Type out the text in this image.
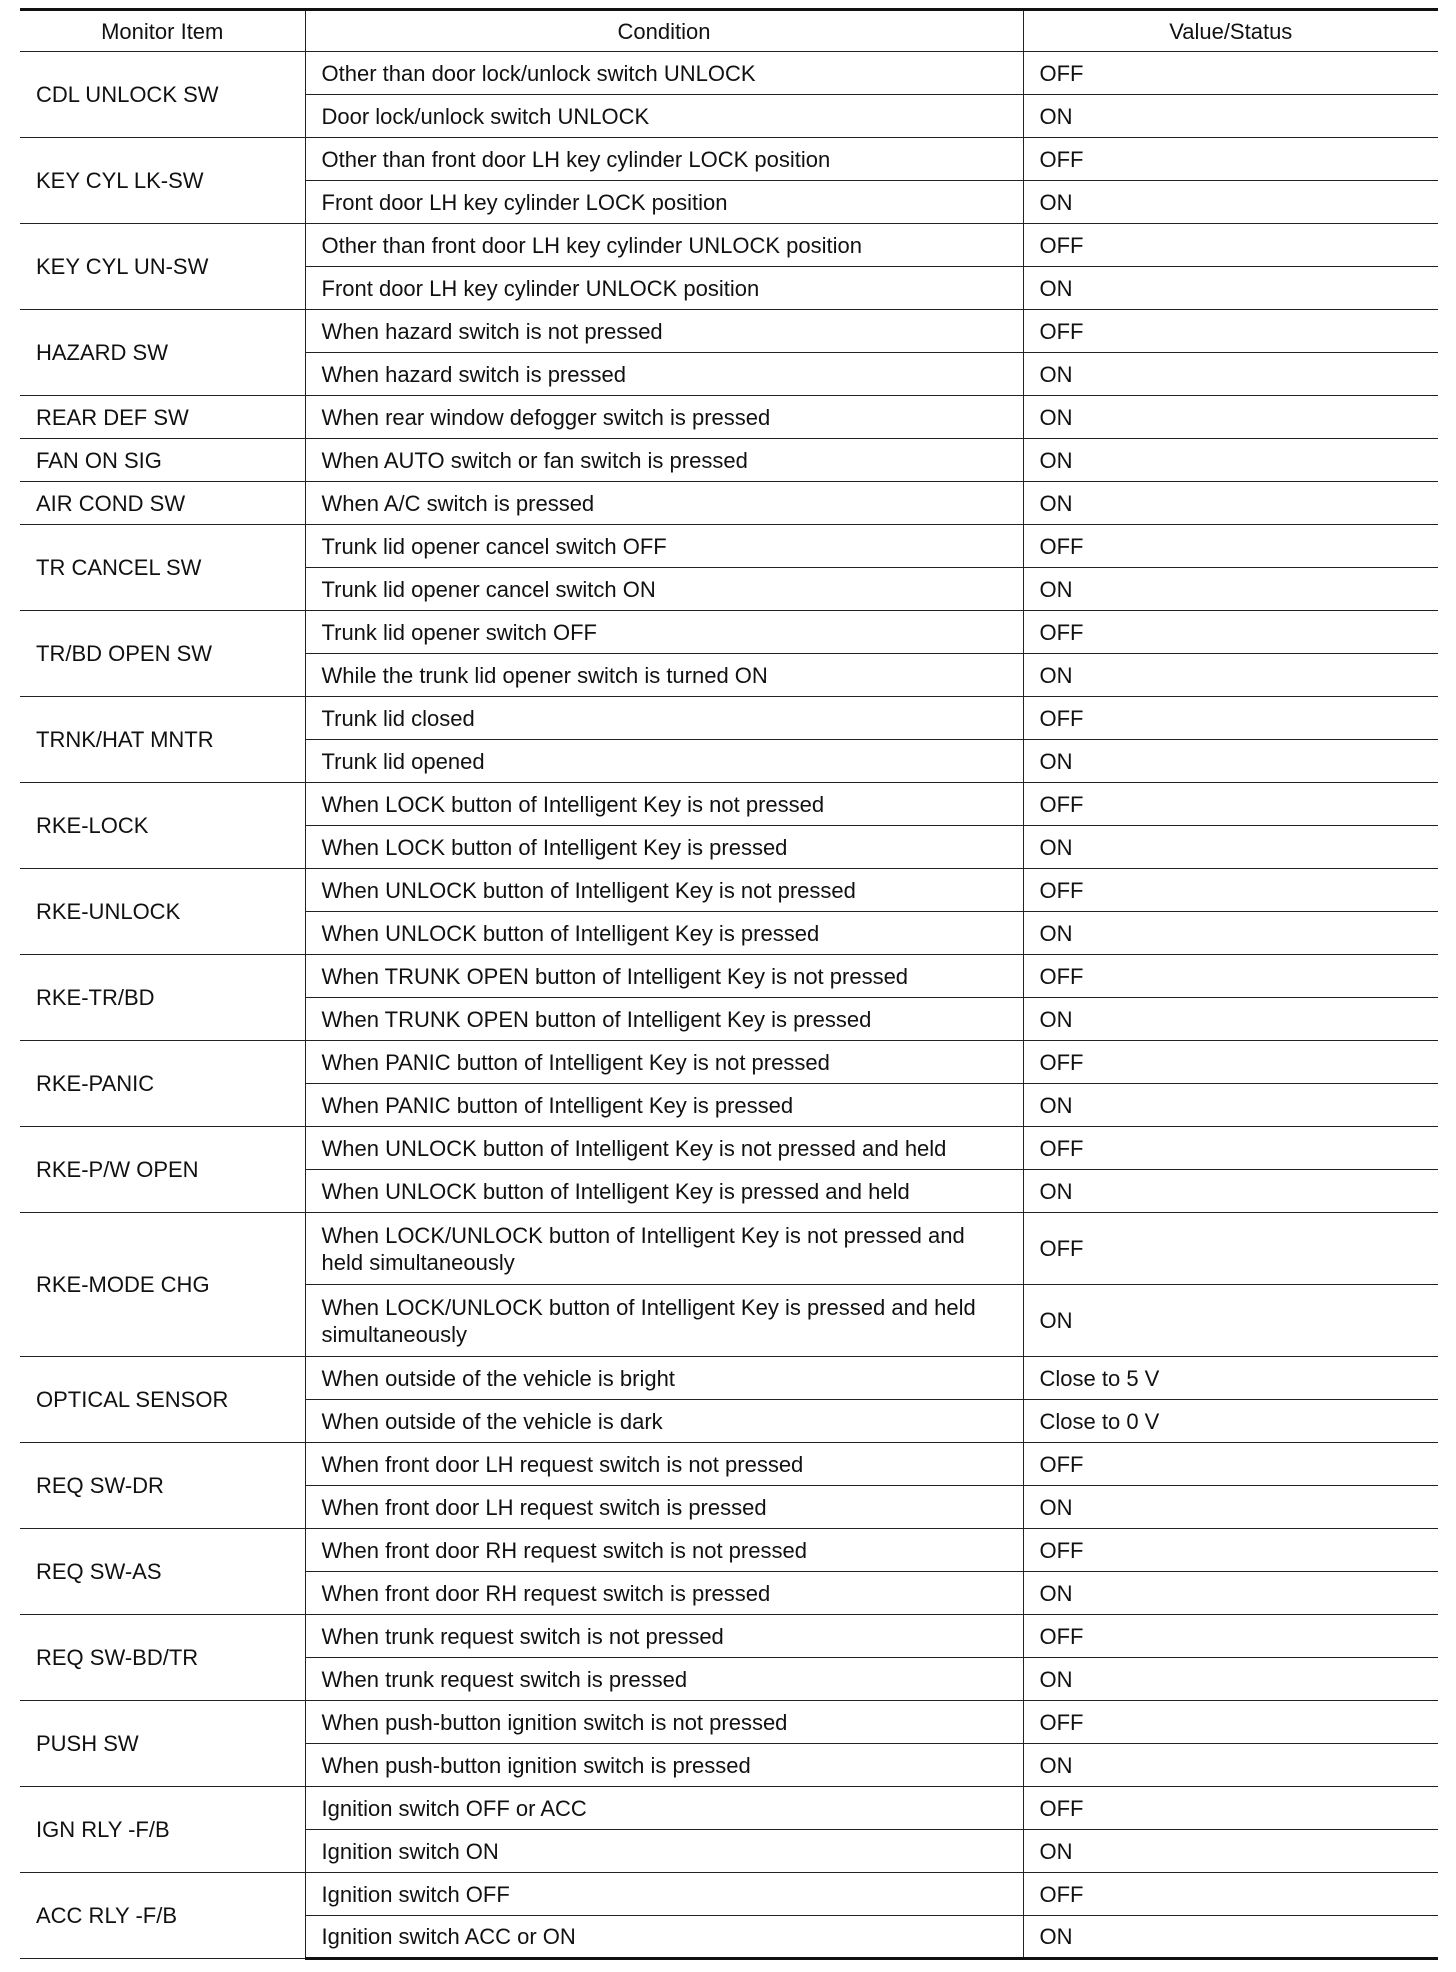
Monitor Item	Condition	Value/Status
CDL UNLOCK SW	Other than door lock/unlock switch UNLOCK	OFF
	Door lock/unlock switch UNLOCK	ON
KEY CYL LK-SW	Other than front door LH key cylinder LOCK position	OFF
	Front door LH key cylinder LOCK position	ON
KEY CYL UN-SW	Other than front door LH key cylinder UNLOCK position	OFF
	Front door LH key cylinder UNLOCK position	ON
HAZARD SW	When hazard switch is not pressed	OFF
	When hazard switch is pressed	ON
REAR DEF SW	When rear window defogger switch is pressed	ON
FAN ON SIG	When AUTO switch or fan switch is pressed	ON
AIR COND SW	When A/C switch is pressed	ON
TR CANCEL SW	Trunk lid opener cancel switch OFF	OFF
	Trunk lid opener cancel switch ON	ON
TR/BD OPEN SW	Trunk lid opener switch OFF	OFF
	While the trunk lid opener switch is turned ON	ON
TRNK/HAT MNTR	Trunk lid closed	OFF
	Trunk lid opened	ON
RKE-LOCK	When LOCK button of Intelligent Key is not pressed	OFF
	When LOCK button of Intelligent Key is pressed	ON
RKE-UNLOCK	When UNLOCK button of Intelligent Key is not pressed	OFF
	When UNLOCK button of Intelligent Key is pressed	ON
RKE-TR/BD	When TRUNK OPEN button of Intelligent Key is not pressed	OFF
	When TRUNK OPEN button of Intelligent Key is pressed	ON
RKE-PANIC	When PANIC button of Intelligent Key is not pressed	OFF
	When PANIC button of Intelligent Key is pressed	ON
RKE-P/W OPEN	When UNLOCK button of Intelligent Key is not pressed and held	OFF
	When UNLOCK button of Intelligent Key is pressed and held	ON
RKE-MODE CHG	When LOCK/UNLOCK button of Intelligent Key is not pressed and held simultaneously	OFF
	When LOCK/UNLOCK button of Intelligent Key is pressed and held simultaneously	ON
OPTICAL SENSOR	When outside of the vehicle is bright	Close to 5 V
	When outside of the vehicle is dark	Close to 0 V
REQ SW-DR	When front door LH request switch is not pressed	OFF
	When front door LH request switch is pressed	ON
REQ SW-AS	When front door RH request switch is not pressed	OFF
	When front door RH request switch is pressed	ON
REQ SW-BD/TR	When trunk request switch is not pressed	OFF
	When trunk request switch is pressed	ON
PUSH SW	When push-button ignition switch is not pressed	OFF
	When push-button ignition switch is pressed	ON
IGN RLY -F/B	Ignition switch OFF or ACC	OFF
	Ignition switch ON	ON
ACC RLY -F/B	Ignition switch OFF	OFF
	Ignition switch ACC or ON	ON
